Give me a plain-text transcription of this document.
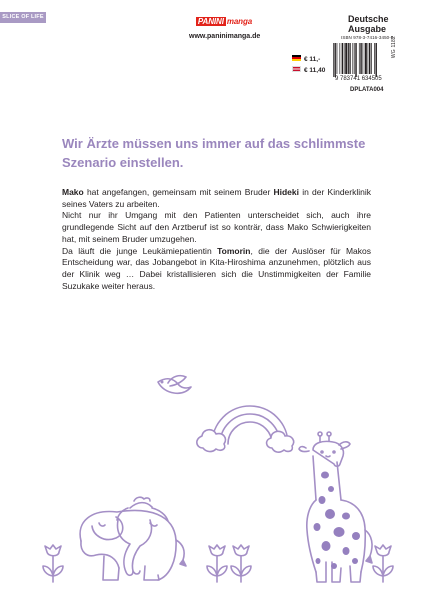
SLICE OF LIFE	PANINI manga
www.paninimanga.de
Deutsche Ausgabe
€ 11,-
€ 11,40
ISBN 978-3-7416-3450-5
9 783741 634505
WG 1182
DPLATA004
Wir Ärzte müssen uns immer auf das schlimmste Szenario einstellen.

Mako hat angefangen, gemeinsam mit seinem Bruder Hideki in der Kinderklinik seines Vaters zu arbeiten.

Nicht nur ihr Umgang mit den Patienten unterscheidet sich, auch ihre grundlegende Sicht auf den Arztberuf ist so konträr, dass Mako Schwierigkeiten hat, mit seinem Bruder umzugehen.

Da läuft die junge Leukämiepatientin Tomorin, die der Auslöser für Makos Entscheidung war, das Jobangebot in Kita-Hiroshima anzunehmen, plötzlich aus der Klinik weg … Dabei kristallisieren sich die Unstimmigkeiten der Familie Suzukake weiter heraus.
